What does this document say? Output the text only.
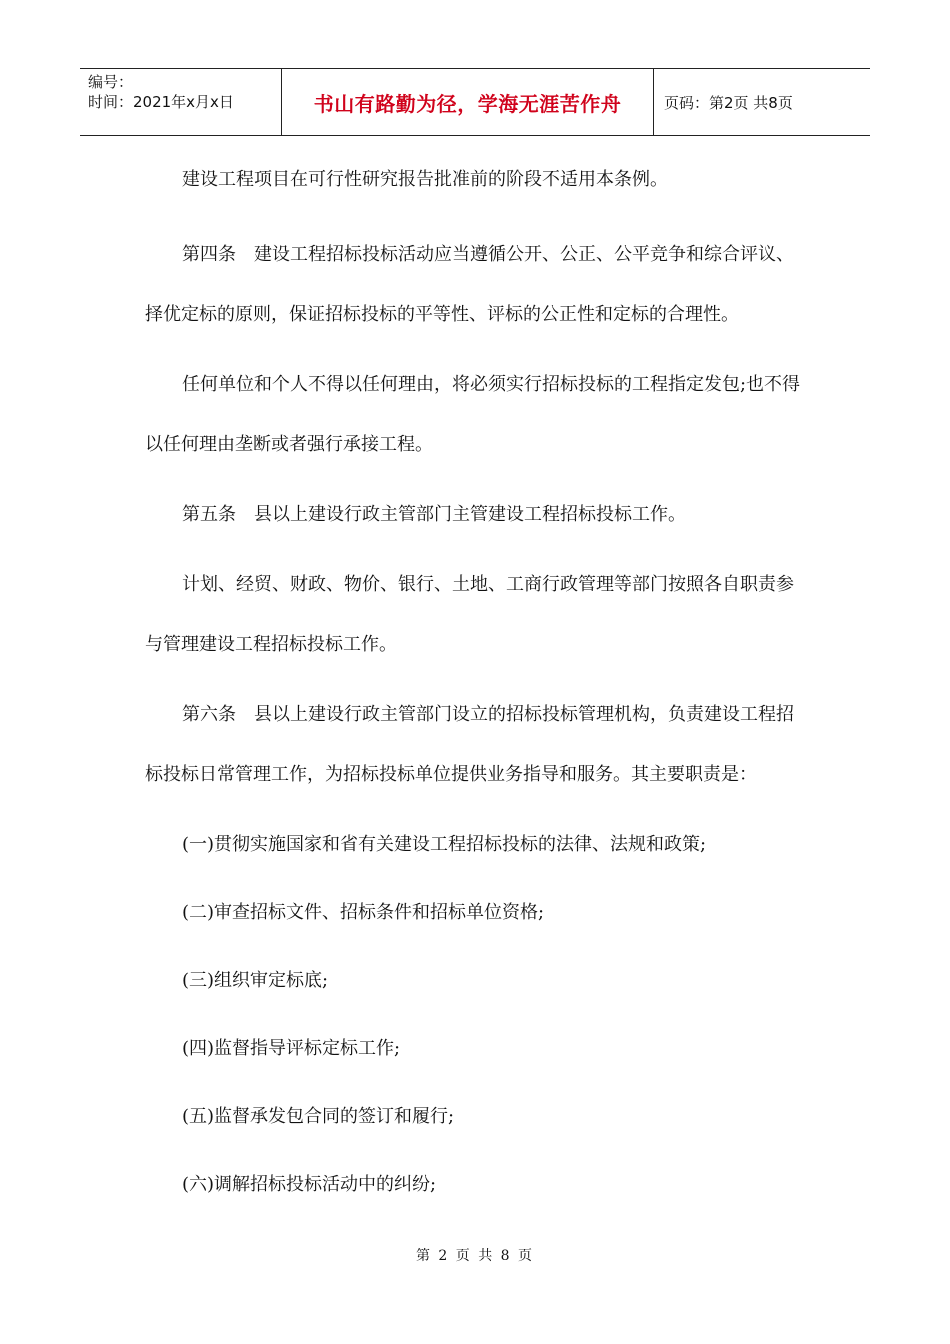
编号：
时间：2021年x月x日	书山有路勤为径，学海无涯苦作舟	页码：第2页 共8页

建设工程项目在可行性研究报告批准前的阶段不适用本条例。

第四条　建设工程招标投标活动应当遵循公开、公正、公平竞争和综合评议、择优定标的原则，保证招标投标的平等性、评标的公正性和定标的合理性。

任何单位和个人不得以任何理由，将必须实行招标投标的工程指定发包;也不得以任何理由垄断或者强行承接工程。

第五条　县以上建设行政主管部门主管建设工程招标投标工作。

计划、经贸、财政、物价、银行、土地、工商行政管理等部门按照各自职责参与管理建设工程招标投标工作。

第六条　县以上建设行政主管部门设立的招标投标管理机构，负责建设工程招标投标日常管理工作，为招标投标单位提供业务指导和服务。其主要职责是：

(一)贯彻实施国家和省有关建设工程招标投标的法律、法规和政策;

(二)审查招标文件、招标条件和招标单位资格;

(三)组织审定标底;

(四)监督指导评标定标工作;

(五)监督承发包合同的签订和履行;

(六)调解招标投标活动中的纠纷;

第 2 页 共 8 页
